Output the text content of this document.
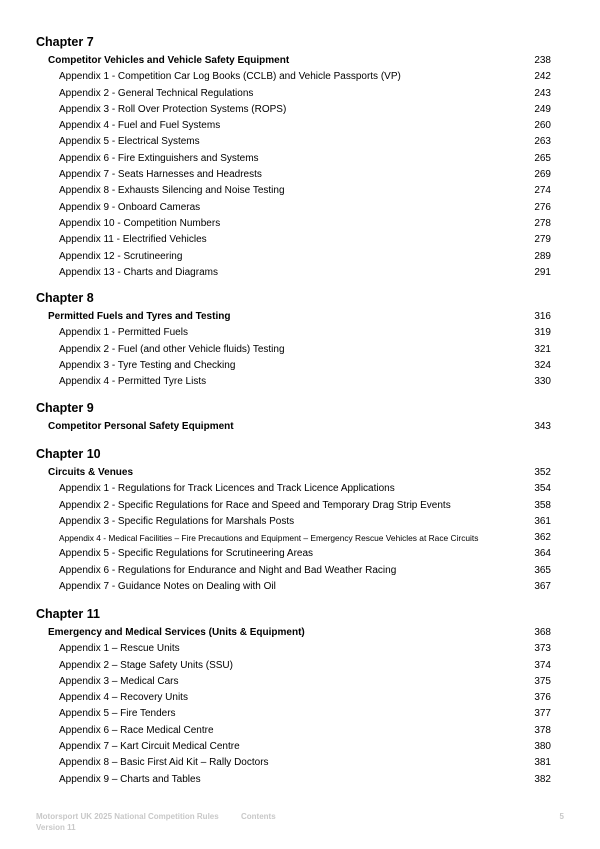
Chapter 7
Competitor Vehicles and Vehicle Safety Equipment	238
Appendix 1 - Competition Car Log Books (CCLB) and Vehicle Passports (VP)	242
Appendix 2 - General Technical Regulations	243
Appendix 3 - Roll Over Protection Systems (ROPS)	249
Appendix 4 - Fuel and Fuel Systems	260
Appendix 5 - Electrical Systems	263
Appendix 6 - Fire Extinguishers and Systems	265
Appendix 7 - Seats Harnesses and Headrests	269
Appendix 8 - Exhausts Silencing and Noise Testing	274
Appendix 9 - Onboard Cameras	276
Appendix 10 - Competition Numbers	278
Appendix 11 - Electrified Vehicles	279
Appendix 12 - Scrutineering	289
Appendix 13 - Charts and Diagrams	291
Chapter 8
Permitted Fuels and Tyres and Testing	316
Appendix 1 - Permitted Fuels	319
Appendix 2 - Fuel (and other Vehicle fluids) Testing	321
Appendix 3 - Tyre Testing and Checking	324
Appendix 4 - Permitted Tyre Lists	330
Chapter 9
Competitor Personal Safety Equipment	343
Chapter 10
Circuits & Venues	352
Appendix 1 - Regulations for Track Licences and Track Licence Applications	354
Appendix 2 - Specific Regulations for Race and Speed and Temporary Drag Strip Events	358
Appendix 3 - Specific Regulations for Marshals Posts	361
Appendix 4 - Medical Facilities – Fire Precautions and Equipment – Emergency Rescue Vehicles at Race Circuits	362
Appendix 5 - Specific Regulations for Scrutineering Areas	364
Appendix 6 - Regulations for Endurance and Night and Bad Weather Racing	365
Appendix 7 - Guidance Notes on Dealing with Oil	367
Chapter 11
Emergency and Medical Services (Units & Equipment)	368
Appendix 1 – Rescue Units	373
Appendix 2 – Stage Safety Units (SSU)	374
Appendix 3 – Medical Cars	375
Appendix 4 – Recovery Units	376
Appendix 5 – Fire Tenders	377
Appendix 6 – Race Medical Centre	378
Appendix 7 – Kart Circuit Medical Centre	380
Appendix 8 – Basic First Aid Kit – Rally Doctors	381
Appendix 9 – Charts and Tables	382
Motorsport UK 2025 National Competition Rules	Contents	5
Version 11
